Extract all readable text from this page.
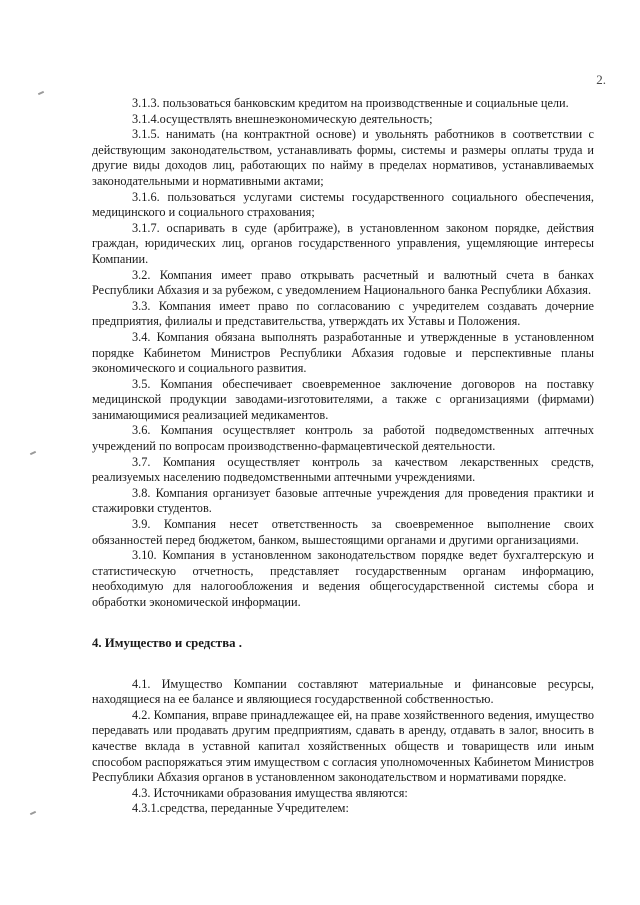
2.

3.1.3. пользоваться банковским кредитом на производственные и социальные цели.

3.1.4.осуществлять внешнеэкономическую деятельность;

3.1.5. нанимать (на контрактной основе) и увольнять работников в соответствии с действующим законодательством, устанавливать формы, системы и размеры оплаты труда и другие виды доходов лиц, работающих по найму в пределах нормативов, устанавливаемых законодательными и нормативными актами;

3.1.6. пользоваться услугами системы государственного социального обеспечения, медицинского и социального страхования;

3.1.7. оспаривать в суде (арбитраже), в установленном законом порядке, действия граждан, юридических лиц, органов государственного управления, ущемляющие интересы Компании.

3.2. Компания имеет право открывать расчетный и валютный счета в банках Республики Абхазия и за рубежом, с уведомлением Национального банка Республики Абхазия.

3.3. Компания имеет право по согласованию с учредителем создавать дочерние предприятия, филиалы и представительства, утверждать их Уставы и Положения.

3.4. Компания обязана выполнять разработанные и утвержденные в установленном порядке Кабинетом Министров Республики Абхазия годовые и перспективные планы экономического и социального развития.

3.5. Компания обеспечивает своевременное заключение договоров на поставку медицинской продукции заводами-изготовителями, а также с организациями (фирмами) занимающимися реализацией медикаментов.

3.6. Компания осуществляет контроль за работой подведомственных аптечных учреждений по вопросам производственно-фармацевтической деятельности.

3.7. Компания осуществляет контроль за качеством лекарственных средств, реализуемых населению подведомственными аптечными учреждениями.

3.8. Компания организует базовые аптечные учреждения для проведения практики и стажировки студентов.

3.9. Компания несет ответственность за своевременное выполнение своих обязанностей перед бюджетом, банком, вышестоящими органами и другими организациями.

3.10. Компания в установленном законодательством порядке ведет бухгалтерскую и статистическую отчетность, представляет государственным органам информацию, необходимую для налогообложения и ведения общегосударственной системы сбора и обработки экономической информации.

4. Имущество и средства .

4.1. Имущество Компании составляют материальные и финансовые ресурсы, находящиеся на ее балансе и являющиеся государственной собственностью.

4.2. Компания, вправе принадлежащее ей, на праве хозяйственного ведения, имущество передавать или продавать другим предприятиям, сдавать в аренду, отдавать в залог, вносить в качестве вклада в уставной капитал хозяйственных обществ и товариществ или иным способом распоряжаться этим имуществом с согласия уполномоченных Кабинетом Министров Республики Абхазия органов в установленном законодательством и нормативами порядке.

4.3. Источниками образования имущества являются:

4.3.1.средства, переданные Учредителем:
